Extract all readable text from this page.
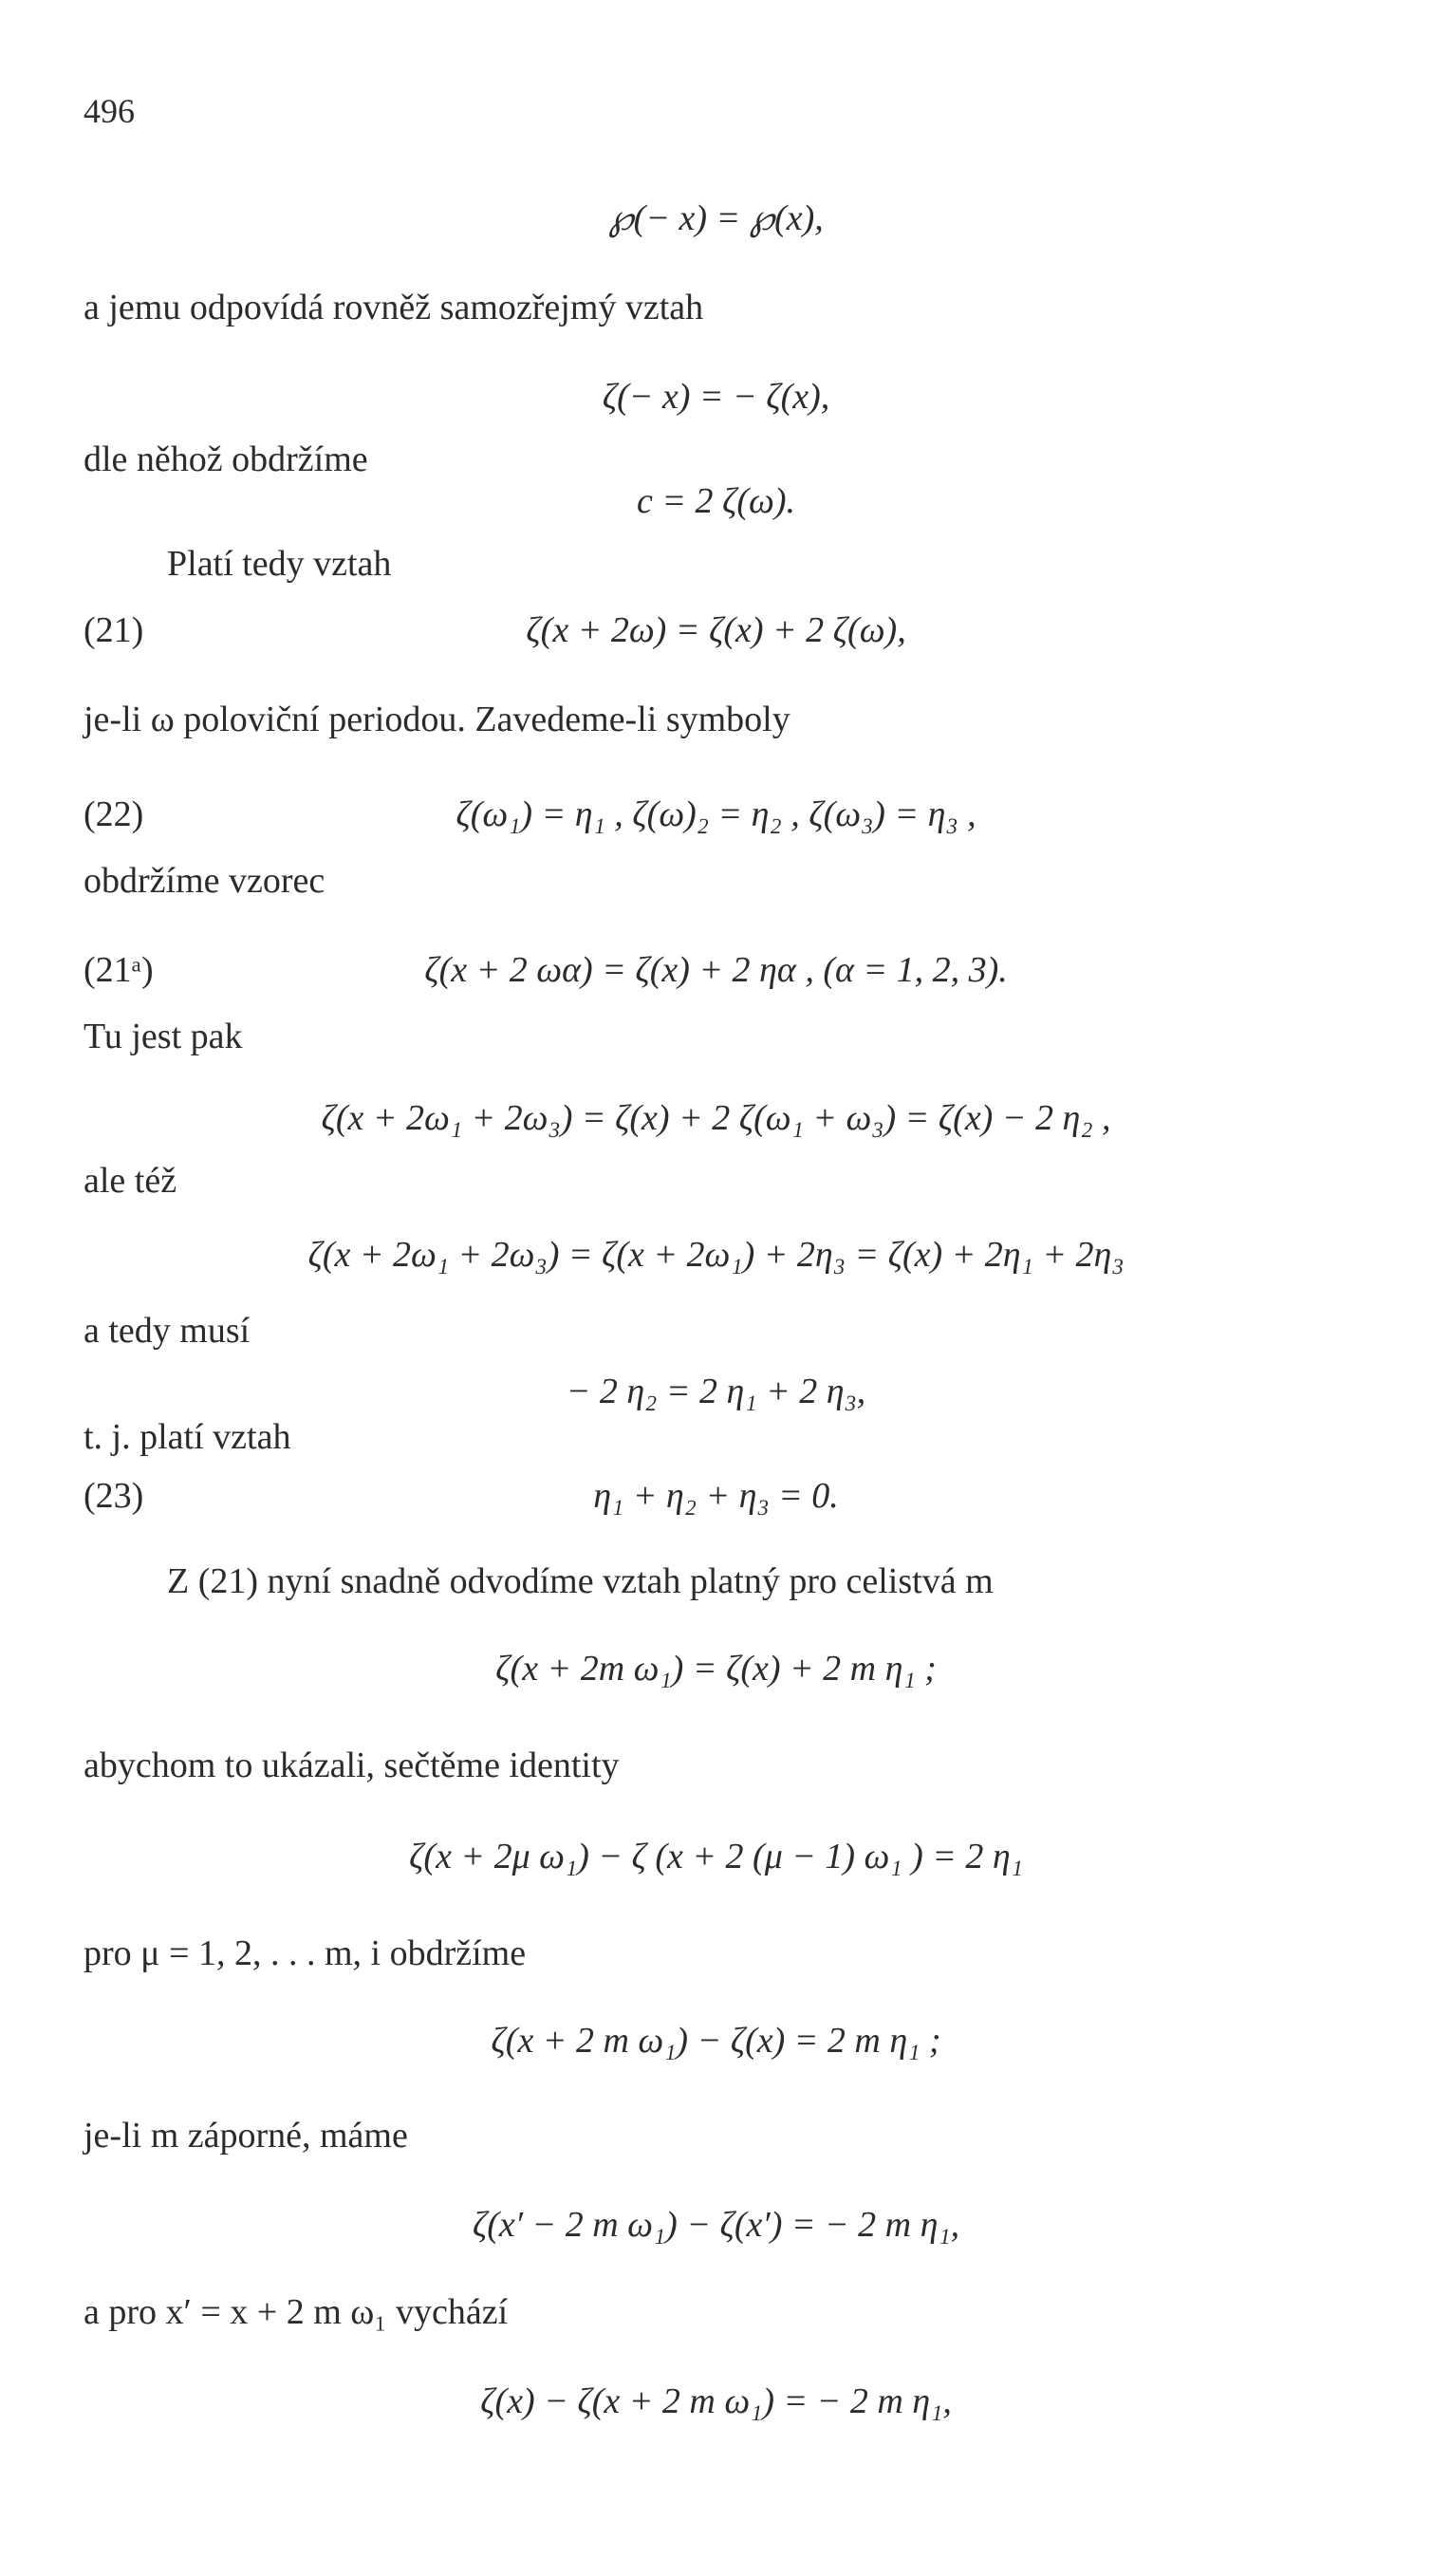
496
℘(− x) = ℘(x),
a jemu odpovídá rovněž samozřejmý vztah
ζ(− x) = − ζ(x),
dle něhož obdržíme
c = 2 ζ(ω).
Platí tedy vztah
(21)	ζ(x + 2ω) = ζ(x) + 2 ζ(ω),
je-li ω poloviční periodou. Zavedeme-li symboly
(22)	ζ(ω₁) = η₁ , ζ(ω)₂ = η₂ , ζ(ω₃) = η₃ ,
obdržíme vzorec
(21ᵃ)	ζ(x + 2 ωα) = ζ(x) + 2 ηα , (α = 1, 2, 3).
Tu jest pak
ζ(x + 2ω₁ + 2ω₃) = ζ(x) + 2 ζ(ω₁ + ω₃) = ζ(x) − 2 η₂ ,
ale též
ζ(x + 2ω₁ + 2ω₃) = ζ(x + 2ω₁) + 2η₃ = ζ(x) + 2η₁ + 2η₃
a tedy musí
− 2 η₂ = 2 η₁ + 2 η₃,
t. j. platí vztah
(23)	η₁ + η₂ + η₃ = 0.
Z (21) nyní snadně odvodíme vztah platný pro celistvá m
ζ(x + 2m ω₁) = ζ(x) + 2 m η₁ ;
abychom to ukázali, sečtěme identity
ζ(x + 2μ ω₁) − ζ (x + 2 (μ − 1) ω₁ ) = 2 η₁
pro μ = 1, 2, . . . m, i obdržíme
ζ(x + 2 m ω₁) − ζ(x) = 2 m η₁ ;
je-li m záporné, máme
ζ(x′ − 2 m ω₁) − ζ(x′) = − 2 m η₁,
a pro x′ = x + 2 m ω₁ vychází
ζ(x) − ζ(x + 2 m ω₁) = − 2 m η₁,
